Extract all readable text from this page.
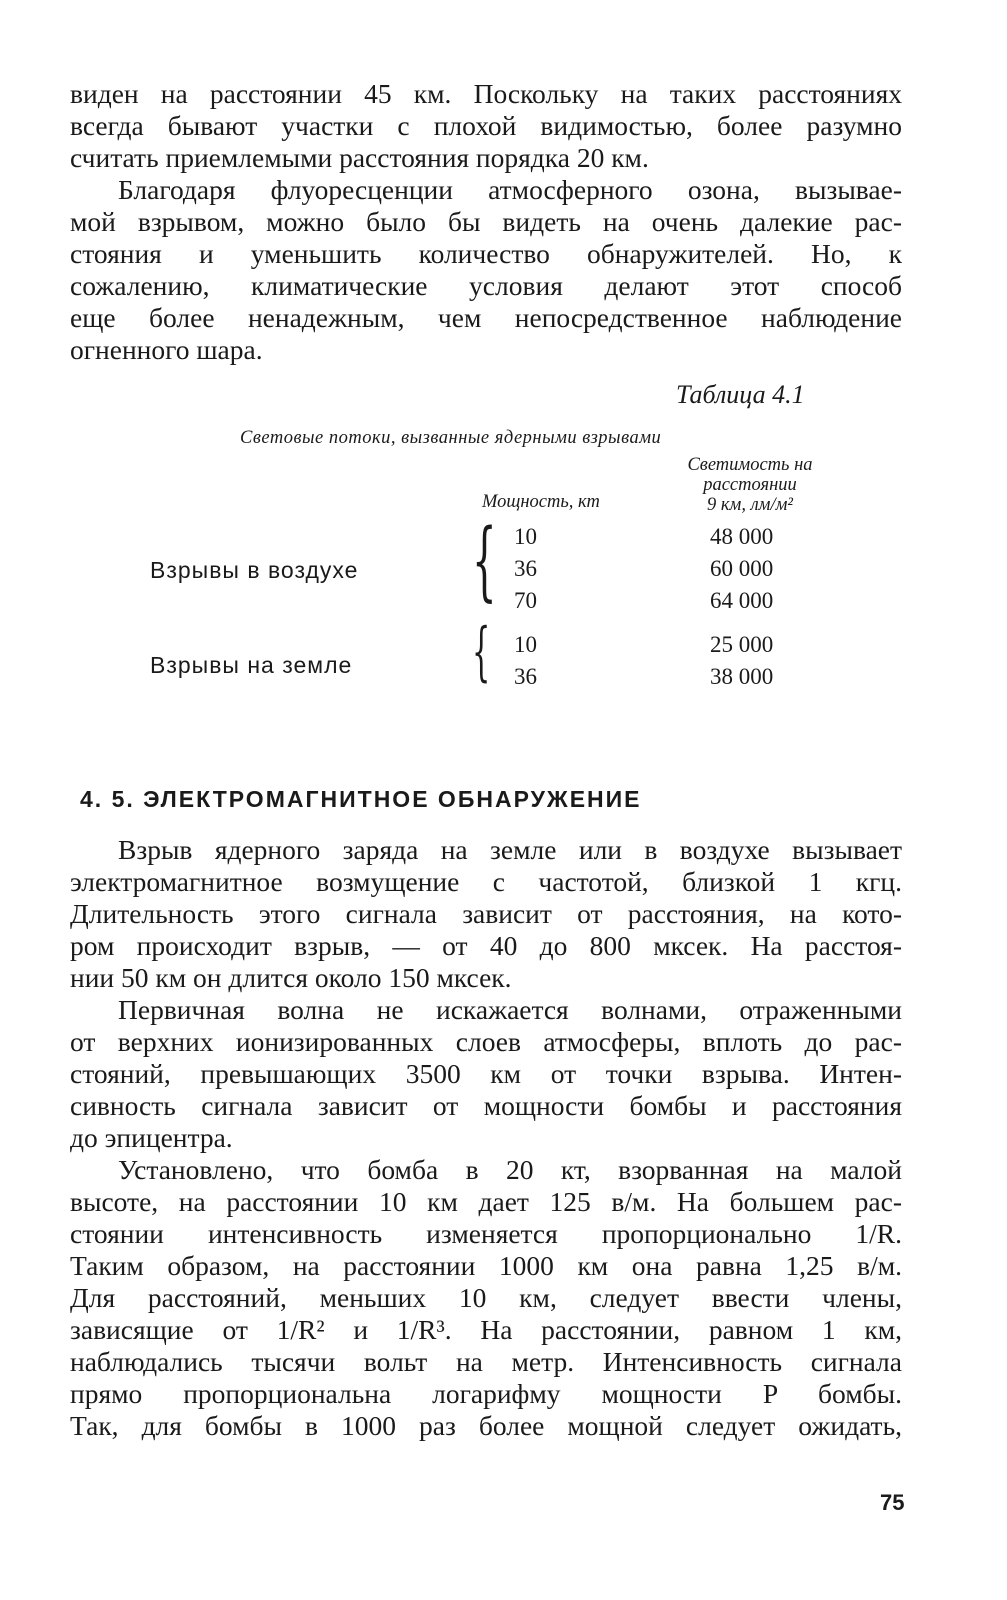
виден на расстоянии 45 км. Поскольку на таких расстояниях
всегда бывают участки с плохой видимостью, более разумно
считать приемлемыми расстояния порядка 20 км.
Благодаря флуоресценции атмосферного озона, вызывае-
мой взрывом, можно было бы видеть на очень далекие рас-
стояния и уменьшить количество обнаружителей. Но, к
сожалению, климатические условия делают этот способ
еще более ненадежным, чем непосредственное наблюдение
огненного шара.
Таблица 4.1
Световые потоки, вызванные ядерными взрывами
Мощность, кт
Светимость на
расстоянии
9 км, лм/м²
Взрывы в воздухе { 10
36
70
48 000
60 000
64 000
Взрывы на земле { 10
36
25 000
38 000
4. 5. ЭЛЕКТРОМАГНИТНОЕ ОБНАРУЖЕНИЕ
Взрыв ядерного заряда на земле или в воздухе вызывает
электромагнитное возмущение с частотой, близкой 1 кгц.
Длительность этого сигнала зависит от расстояния, на кото-
ром происходит взрыв, — от 40 до 800 мксек. На расстоя-
нии 50 км он длится около 150 мксек.
Первичная волна не искажается волнами, отраженными
от верхних ионизированных слоев атмосферы, вплоть до рас-
стояний, превышающих 3500 км от точки взрыва. Интен-
сивность сигнала зависит от мощности бомбы и расстояния
до эпицентра.
Установлено, что бомба в 20 кт, взорванная на малой
высоте, на расстоянии 10 км дает 125 в/м. На большем рас-
стоянии интенсивность изменяется пропорционально 1/R.
Таким образом, на расстоянии 1000 км она равна 1,25 в/м.
Для расстояний, меньших 10 км, следует ввести члены,
зависящие от 1/R² и 1/R³. На расстоянии, равном 1 км,
наблюдались тысячи вольт на метр. Интенсивность сигнала
прямо пропорциональна логарифму мощности P бомбы.
Так, для бомбы в 1000 раз более мощной следует ожидать,
75
